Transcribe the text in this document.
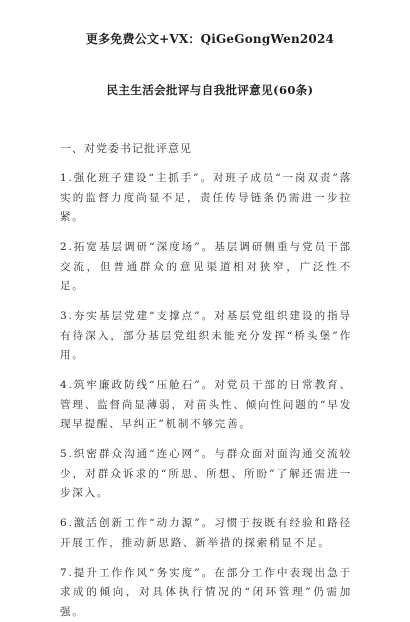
更多免费公文+VX：QiGeGongWen2024
民主生活会批评与自我批评意见(60条)
一、对党委书记批评意见

1.强化班子建设“主抓手”。对班子成员“一岗双责”落实的监督力度尚显不足，责任传导链条仍需进一步拉紧。

2.拓宽基层调研“深度场”。基层调研侧重与党员干部交流，但普通群众的意见渠道相对狭窄，广泛性不足。

3.夯实基层党建“支撑点”。对基层党组织建设的指导有待深入，部分基层党组织未能充分发挥“桥头堡”作用。

4.筑牢廉政防线“压舱石”。对党员干部的日常教育、管理、监督尚显薄弱，对苗头性、倾向性问题的“早发现早提醒、早纠正”机制不够完善。

5.织密群众沟通“连心网”。与群众面对面沟通交流较少，对群众诉求的“所思、所想、所盼”了解还需进一步深入。

6.激活创新工作“动力源”。习惯于按既有经验和路径开展工作，推动新思路、新举措的探索稍显不足。

7.提升工作作风“务实度”。在部分工作中表现出急于求成的倾向，对具体执行情况的“闭环管理”仍需加强。
